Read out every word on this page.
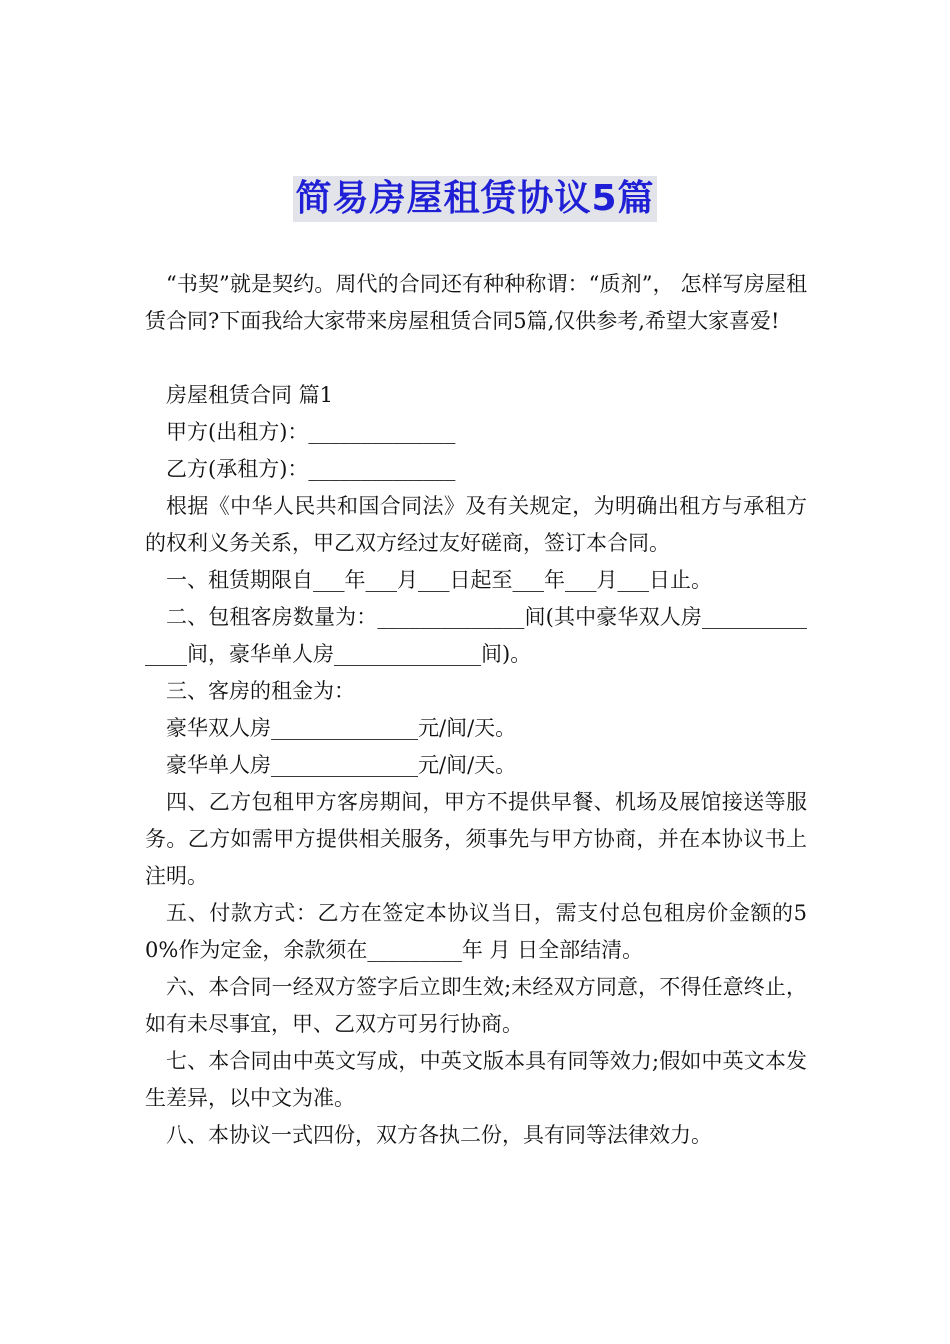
简易房屋租赁协议5篇

“书契”就是契约。周代的合同还有种种称谓：“质剂”， 怎样写房屋租赁合同?下面我给大家带来房屋租赁合同5篇,仅供参考,希望大家喜爱!

房屋租赁合同 篇1

甲方(出租方)：______________

乙方(承租方)：______________

根据《中华人民共和国合同法》及有关规定，为明确出租方与承租方的权利义务关系，甲乙双方经过友好磋商，签订本合同。

一、租赁期限自___年___月___日起至___年___月___日止。

二、包租客房数量为：______________间(其中豪华双人房______________间，豪华单人房______________间)。

三、客房的租金为：

豪华双人房______________元/间/天。

豪华单人房______________元/间/天。

四、乙方包租甲方客房期间，甲方不提供早餐、机场及展馆接送等服务。乙方如需甲方提供相关服务，须事先与甲方协商，并在本协议书上注明。

五、付款方式：乙方在签定本协议当日，需支付总包租房价金额的50%作为定金，余款须在_________年 月 日全部结清。

六、本合同一经双方签字后立即生效;未经双方同意，不得任意终止，如有未尽事宜，甲、乙双方可另行协商。

七、本合同由中英文写成，中英文版本具有同等效力;假如中英文本发生差异，以中文为准。

八、本协议一式四份，双方各执二份，具有同等法律效力。
